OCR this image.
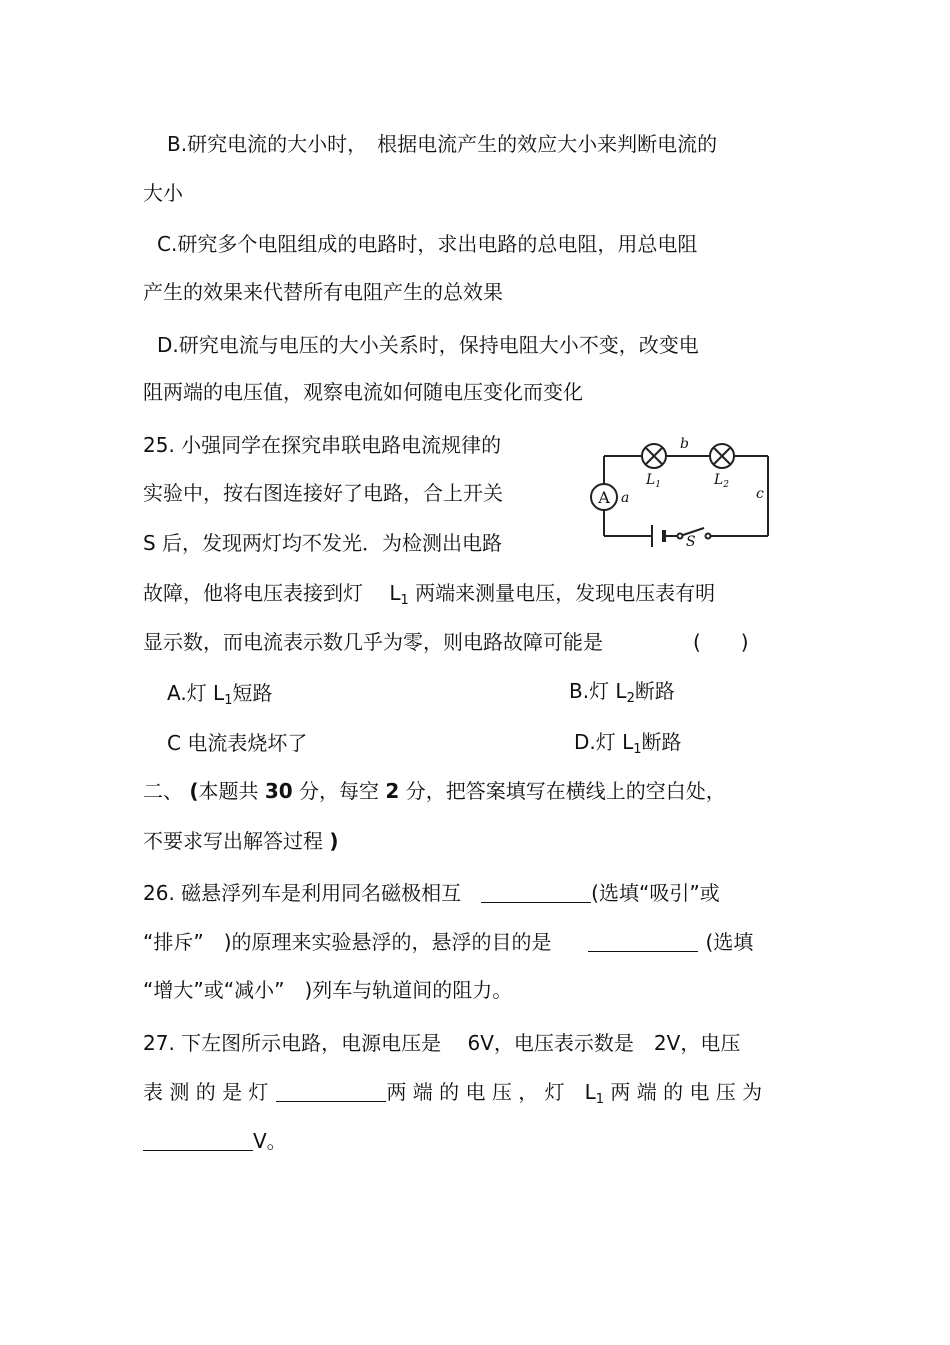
B.研究电流的大小时，　根据电流产生的效应大小来判断电流的
大小
C.研究多个电阻组成的电路时，求出电路的总电阻，用总电阻
产生的效果来代替所有电阻产生的总效果
D.研究电流与电压的大小关系时，保持电阻大小不变，改变电
阻两端的电压值，观察电流如何随电压变化而变化
25. 小强同学在探究串联电路电流规律的
实验中，按右图连接好了电路，合上开关
S 后，发现两灯均不发光．为检测出电路
A a
b
c
$L_1$	$L_2$
S
故障，他将电压表接到灯　 $L_1$ 两端来测量电压，发现电压表有明
显示数，而电流表示数几乎为零，则电路故障可能是	(　　)
A.灯 $L_1$短路	B.灯 $L_2$断路
C 电流表烧坏了	D.灯 $L_1$断路
二、 (本题共 30 分，每空 2 分，把答案填写在横线上的空白处，
不要求写出解答过程 )
26. 磁悬浮列车是利用同名磁极相互	(选填“吸引”或
“排斥”　)的原理来实验悬浮的，悬浮的目的是	(选填
“增大”或“减小”　)列车与轨道间的阻力。
27. 下左图所示电路，电源电压是　 6V，电压表示数是　2V，电压
表 测 的 是 灯	两 端 的 电 压 ， 灯　$L_1$ 两 端 的 电 压 为
V。
